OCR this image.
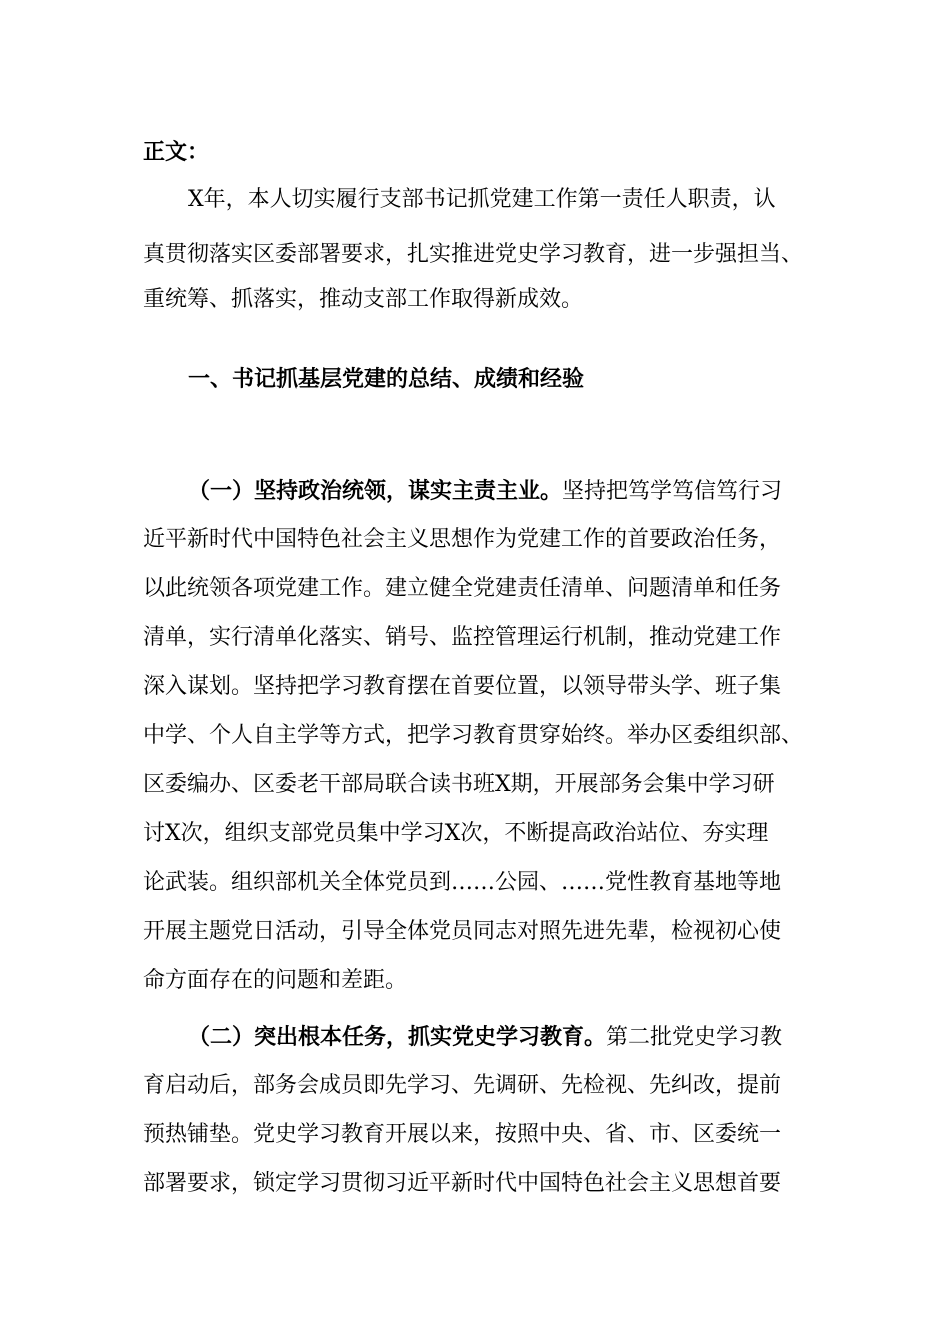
正文：

X年，本人切实履行支部书记抓党建工作第一责任人职责，认

真贯彻落实区委部署要求，扎实推进党史学习教育，进一步强担当、

重统筹、抓落实，推动支部工作取得新成效。

一、书记抓基层党建的总结、成绩和经验

（一）坚持政治统领，谋实主责主业。坚持把笃学笃信笃行习

近平新时代中国特色社会主义思想作为党建工作的首要政治任务，

以此统领各项党建工作。建立健全党建责任清单、问题清单和任务

清单，实行清单化落实、销号、监控管理运行机制，推动党建工作

深入谋划。坚持把学习教育摆在首要位置，以领导带头学、班子集

中学、个人自主学等方式，把学习教育贯穿始终。举办区委组织部、

区委编办、区委老干部局联合读书班X期，开展部务会集中学习研

讨X次，组织支部党员集中学习X次，不断提高政治站位、夯实理

论武装。组织部机关全体党员到……公园、……党性教育基地等地

开展主题党日活动，引导全体党员同志对照先进先辈，检视初心使

命方面存在的问题和差距。

（二）突出根本任务，抓实党史学习教育。第二批党史学习教

育启动后，部务会成员即先学习、先调研、先检视、先纠改，提前

预热铺垫。党史学习教育开展以来，按照中央、省、市、区委统一

部署要求，锁定学习贯彻习近平新时代中国特色社会主义思想首要
